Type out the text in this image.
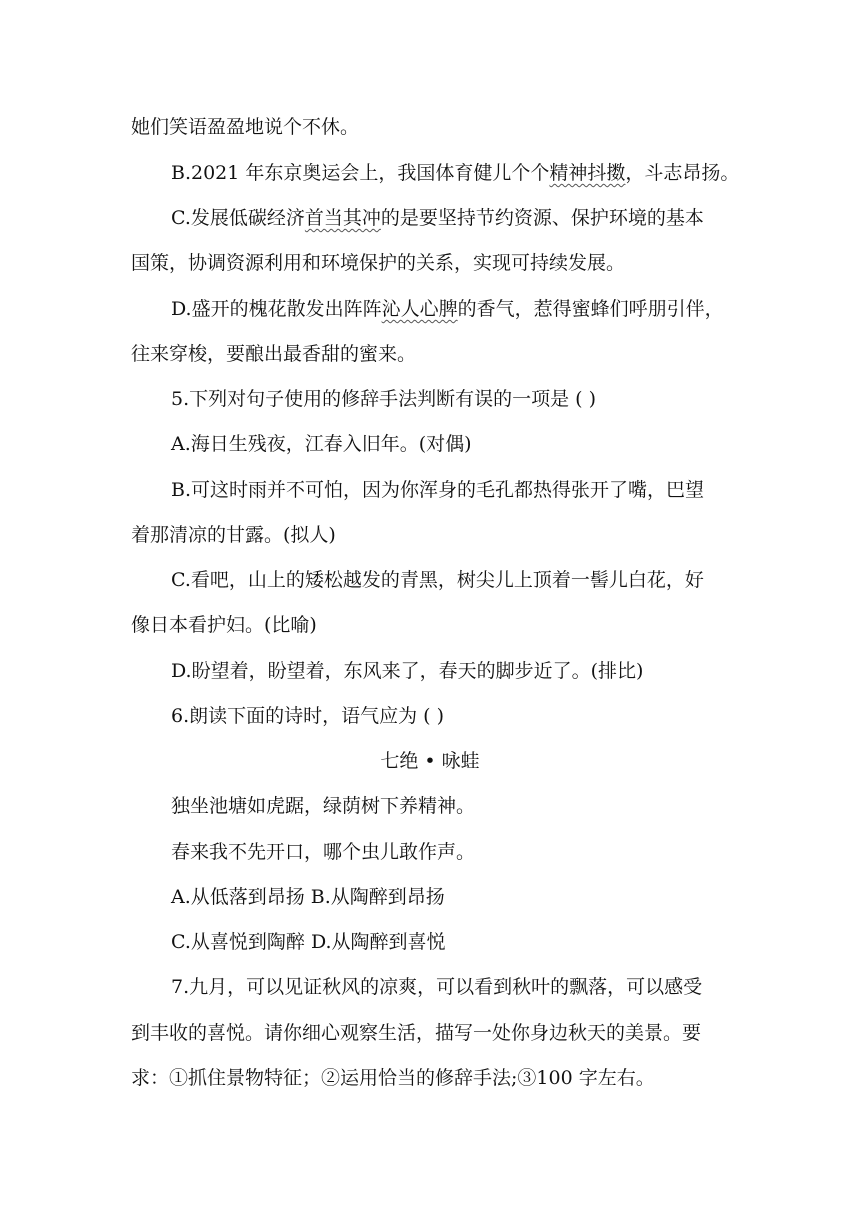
她们笑语盈盈地说个不休。
B.2021 年东京奥运会上，我国体育健儿个个精神抖擞，斗志昂扬。
C.发展低碳经济首当其冲的是要坚持节约资源、保护环境的基本
国策，协调资源利用和环境保护的关系，实现可持续发展。
D.盛开的槐花散发出阵阵沁人心脾的香气，惹得蜜蜂们呼朋引伴，
往来穿梭，要酿出最香甜的蜜来。
5.下列对句子使用的修辞手法判断有误的一项是 ( )
A.海日生残夜，江春入旧年。(对偶)
B.可这时雨并不可怕，因为你浑身的毛孔都热得张开了嘴，巴望
着那清凉的甘露。(拟人)
C.看吧，山上的矮松越发的青黑，树尖儿上顶着一髻儿白花，好
像日本看护妇。(比喻)
D.盼望着，盼望着，东风来了，春天的脚步近了。(排比)
6.朗读下面的诗时，语气应为 ( )
七绝 • 咏蛙
独坐池塘如虎踞，绿荫树下养精神。
春来我不先开口，哪个虫儿敢作声。
A.从低落到昂扬 B.从陶醉到昂扬
C.从喜悦到陶醉 D.从陶醉到喜悦
7.九月，可以见证秋风的凉爽，可以看到秋叶的飘落，可以感受
到丰收的喜悦。请你细心观察生活，描写一处你身边秋天的美景。要
求：①抓住景物特征；②运用恰当的修辞手法;③100 字左右。
